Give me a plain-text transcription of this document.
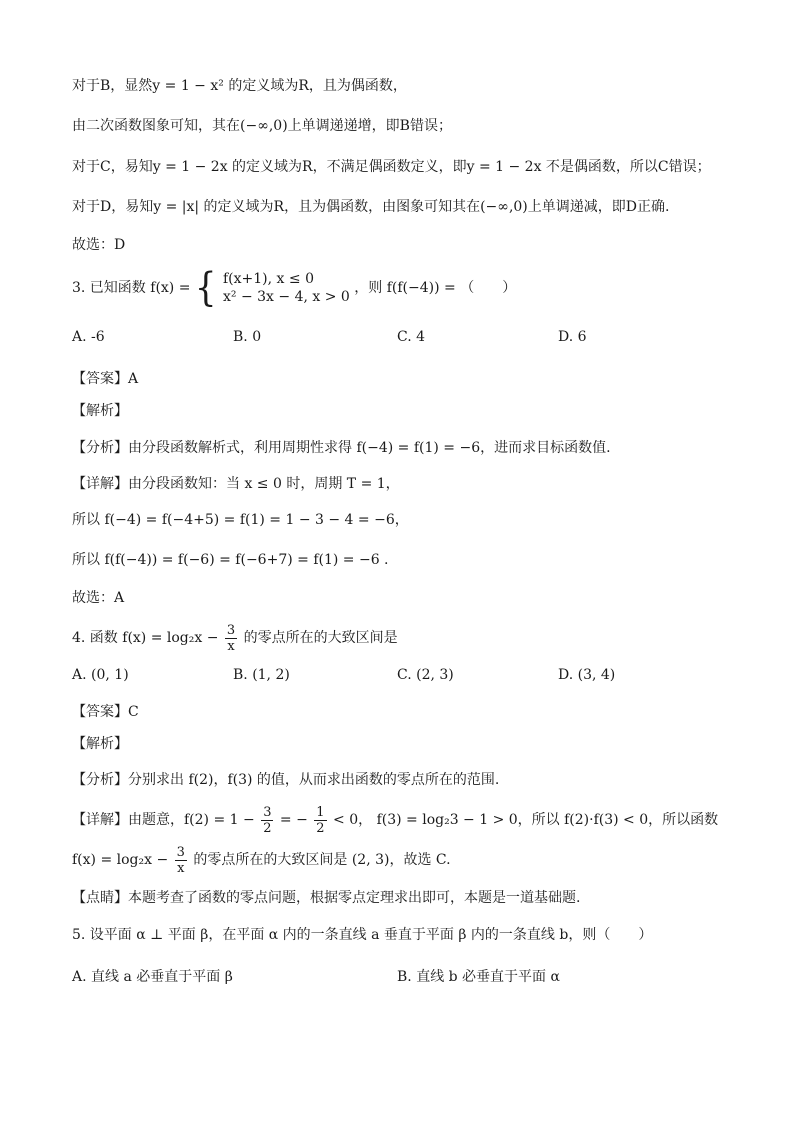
对于B，显然y = 1 − x² 的定义域为R，且为偶函数，
由二次函数图象可知，其在(−∞,0)上单调递递增，即B错误；
对于C，易知y = 1 − 2x 的定义域为R，不满足偶函数定义，即y = 1 − 2x 不是偶函数，所以C错误；
对于D，易知y = |x| 的定义域为R，且为偶函数，由图象可知其在(−∞,0)上单调递减，即D正确.
故选：D
3. 已知函数 f(x) = { f(x+1), x ≤ 0
x² − 3x − 4, x > 0
，则 f(f(−4)) = （　　）
A. -6	B. 0	C. 4	D. 6
【答案】A
【解析】
【分析】由分段函数解析式，利用周期性求得 f(−4) = f(1) = −6，进而求目标函数值.
【详解】由分段函数知：当 x ≤ 0 时，周期 T = 1，
所以 f(−4) = f(−4+5) = f(1) = 1 − 3 − 4 = −6，
所以 f(f(−4)) = f(−6) = f(−6+7) = f(1) = −6 .
故选：A
4. 函数 $f(x) = \log_2x - \frac{3}{x}$ 的零点所在的大致区间是
A. (0, 1)	B. (1, 2)	C. (2, 3)	D. (3, 4)
【答案】C
【解析】
【分析】分别求出 f(2)，f(3) 的值，从而求出函数的零点所在的范围.
【详解】由题意，$f(2) = 1 - \frac{3}{2}$ = − $\frac{1}{2} < 0$， f(3) = log₂3 − 1 > 0，所以 f(2)·f(3) < 0，所以函数
$f(x) = \log_2x - \frac{3}{x}$ 的零点所在的大致区间是 (2, 3)，故选 C.
【点睛】本题考查了函数的零点问题，根据零点定理求出即可，本题是一道基础题.
5. 设平面 α ⊥ 平面 β，在平面 α 内的一条直线 a 垂直于平面 β 内的一条直线 b，则（　　）
A. 直线 a 必垂直于平面 β	B. 直线 b 必垂直于平面 α
